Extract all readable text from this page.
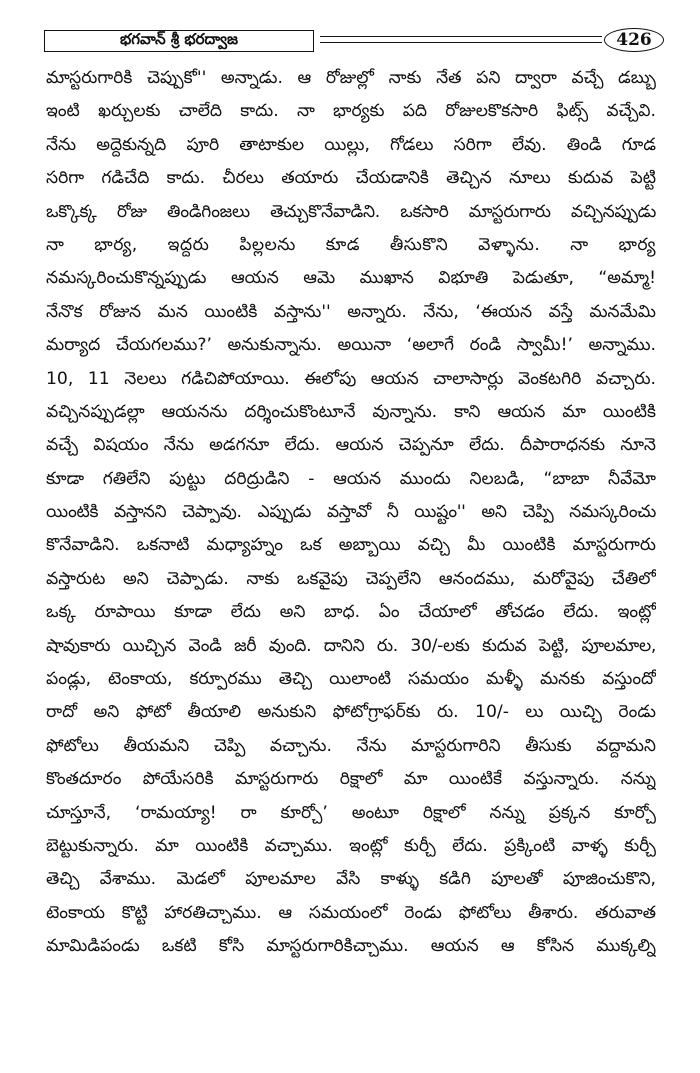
భగవాన్ శ్రీ భరద్వాజ	426
మాస్టరుగారికి చెప్పుకో'' అన్నాడు. ఆ రోజుల్లో నాకు నేత పని ద్వారా వచ్చే డబ్బు
ఇంటి ఖర్చులకు చాలేది కాదు. నా భార్యకు పది రోజులకొకసారి ఫిట్స్ వచ్చేవి.
నేను అద్దెకున్నది పూరి తాటాకుల యిల్లు, గోడలు సరిగా లేవు. తిండి గూడ
సరిగా గడిచేది కాదు. చీరలు తయారు చేయడానికి తెచ్చిన నూలు కుదువ పెట్టి
ఒక్కొక్క రోజు తిండిగింజలు తెచ్చుకొనేవాడిని. ఒకసారి మాస్టరుగారు వచ్చినప్పుడు
నా భార్య, ఇద్దరు పిల్లలను కూడ తీసుకొని వెళ్ళాను. నా భార్య
నమస్కరించుకొన్నప్పుడు ఆయన ఆమె ముఖాన విభూతి పెడుతూ, “అమ్మా!
నేనొక రోజున మన యింటికి వస్తాను'' అన్నారు. నేను, ‘ఈయన వస్తే మనమేమి
మర్యాద చేయగలము?’ అనుకున్నాను. అయినా ‘అలాగే రండి స్వామీ!’ అన్నాము.
10, 11 నెలలు గడిచిపోయాయి. ఈలోపు ఆయన చాలాసార్లు వెంకటగిరి వచ్చారు.
వచ్చినప్పుడల్లా ఆయనను దర్శించుకొంటూనే వున్నాను. కాని ఆయన మా యింటికి
వచ్చే విషయం నేను అడగనూ లేదు. ఆయన చెప్పనూ లేదు. దీపారాధనకు నూనె
కూడా గతిలేని పుట్టు దరిద్రుడిని - ఆయన ముందు నిలబడి, “బాబా నీవేమో
యింటికి వస్తానని చెప్పావు. ఎప్పుడు వస్తావో నీ యిష్టం'' అని చెప్పి నమస్కరించు
కొనేవాడిని. ఒకనాటి మధ్యాహ్నం ఒక అబ్బాయి వచ్చి మీ యింటికి మాస్టరుగారు
వస్తారుట అని చెప్పాడు. నాకు ఒకవైపు చెప్పలేని ఆనందము, మరోవైపు చేతిలో
ఒక్క రూపాయి కూడా లేదు అని బాధ. ఏం చేయాలో తోచడం లేదు. ఇంట్లో
షావుకారు యిచ్చిన వెండి జరీ వుంది. దానిని రు. 30/-లకు కుదువ పెట్టి, పూలమాల,
పండ్లు, టెంకాయ, కర్పూరము తెచ్చి యిలాంటి సమయం మళ్ళీ మనకు వస్తుందో
రాదో అని ఫోటో తీయాలి అనుకుని ఫోటోగ్రాఫర్‌కు రు. 10/- లు యిచ్చి రెండు
ఫోటోలు తీయమని చెప్పి వచ్చాను. నేను మాస్టరుగారిని తీసుకు వద్దామని
కొంతదూరం పోయేసరికి మాస్టరుగారు రిక్షాలో మా యింటికే వస్తున్నారు. నన్ను
చూస్తూనే, ‘రామయ్యా! రా కూర్చో’ అంటూ రిక్షాలో నన్ను ప్రక్కన కూర్చో
బెట్టుకున్నారు. మా యింటికి వచ్చాము. ఇంట్లో కుర్చీ లేదు. ప్రక్కింటి వాళ్ళ కుర్చీ
తెచ్చి వేశాము. మెడలో పూలమాల వేసి కాళ్ళు కడిగి పూలతో పూజించుకొని,
టెంకాయ కొట్టి హారతిచ్చాము. ఆ సమయంలో రెండు ఫోటోలు తీశారు. తరువాత
మామిడిపండు ఒకటి కోసి మాస్టరుగారికిచ్చాము. ఆయన ఆ కోసిన ముక్కల్ని
